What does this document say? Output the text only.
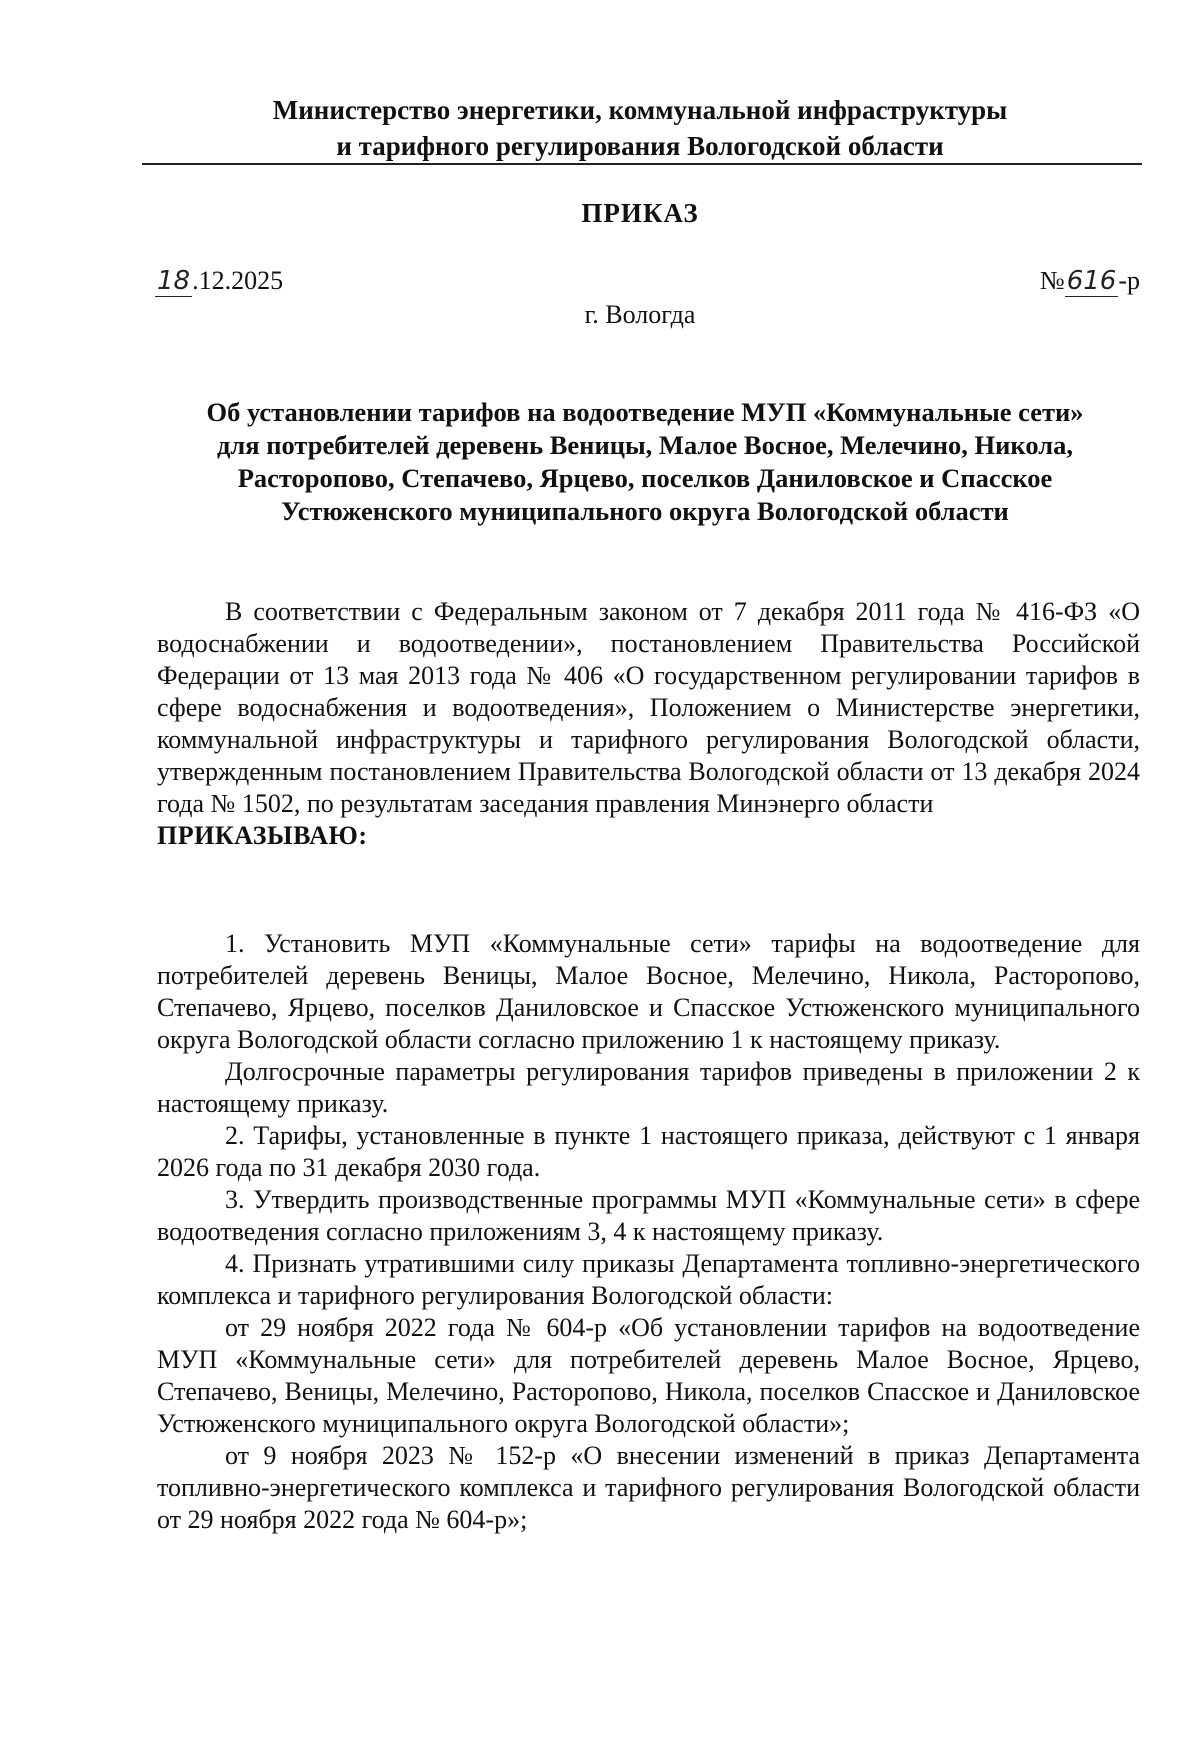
Министерство энергетики, коммунальной инфраструктуры
и тарифного регулирования Вологодской области
ПРИКАЗ
18.12.2025	№616-р
г. Вологда
Об установлении тарифов на водоотведение МУП «Коммунальные сети»
для потребителей деревень Веницы, Малое Восное, Мелечино, Никола,
Расторопово, Степачево, Ярцево, поселков Даниловское и Спасское
Устюженского муниципального округа Вологодской области

В соответствии с Федеральным законом от 7 декабря 2011 года № 416-ФЗ «О водоснабжении и водоотведении», постановлением Правительства Российской Федерации от 13 мая 2013 года № 406 «О государственном регулировании тарифов в сфере водоснабжения и водоотведения», Положением о Министерстве энергетики, коммунальной инфраструктуры и тарифного регулирования Вологодской области, утвержденным постановлением Правительства Вологодской области от 13 декабря 2024 года № 1502, по результатам заседания правления Минэнерго области

ПРИКАЗЫВАЮ:

1. Установить МУП «Коммунальные сети» тарифы на водоотведение для потребителей деревень Веницы, Малое Восное, Мелечино, Никола, Расторопово, Степачево, Ярцево, поселков Даниловское и Спасское Устюженского муниципального округа Вологодской области согласно приложению 1 к настоящему приказу.

Долгосрочные параметры регулирования тарифов приведены в приложении 2 к настоящему приказу.

2. Тарифы, установленные в пункте 1 настоящего приказа, действуют с 1 января 2026 года по 31 декабря 2030 года.

3. Утвердить производственные программы МУП «Коммунальные сети» в сфере водоотведения согласно приложениям 3, 4 к настоящему приказу.

4. Признать утратившими силу приказы Департамента топливно-энергетического комплекса и тарифного регулирования Вологодской области:

от 29 ноября 2022 года № 604-р «Об установлении тарифов на водоотведение МУП «Коммунальные сети» для потребителей деревень Малое Восное, Ярцево, Степачево, Веницы, Мелечино, Расторопово, Никола, поселков Спасское и Даниловское Устюженского муниципального округа Вологодской области»;

от 9 ноября 2023 № 152-р «О внесении изменений в приказ Департамента топливно-энергетического комплекса и тарифного регулирования Вологодской области от 29 ноября 2022 года № 604-р»;
